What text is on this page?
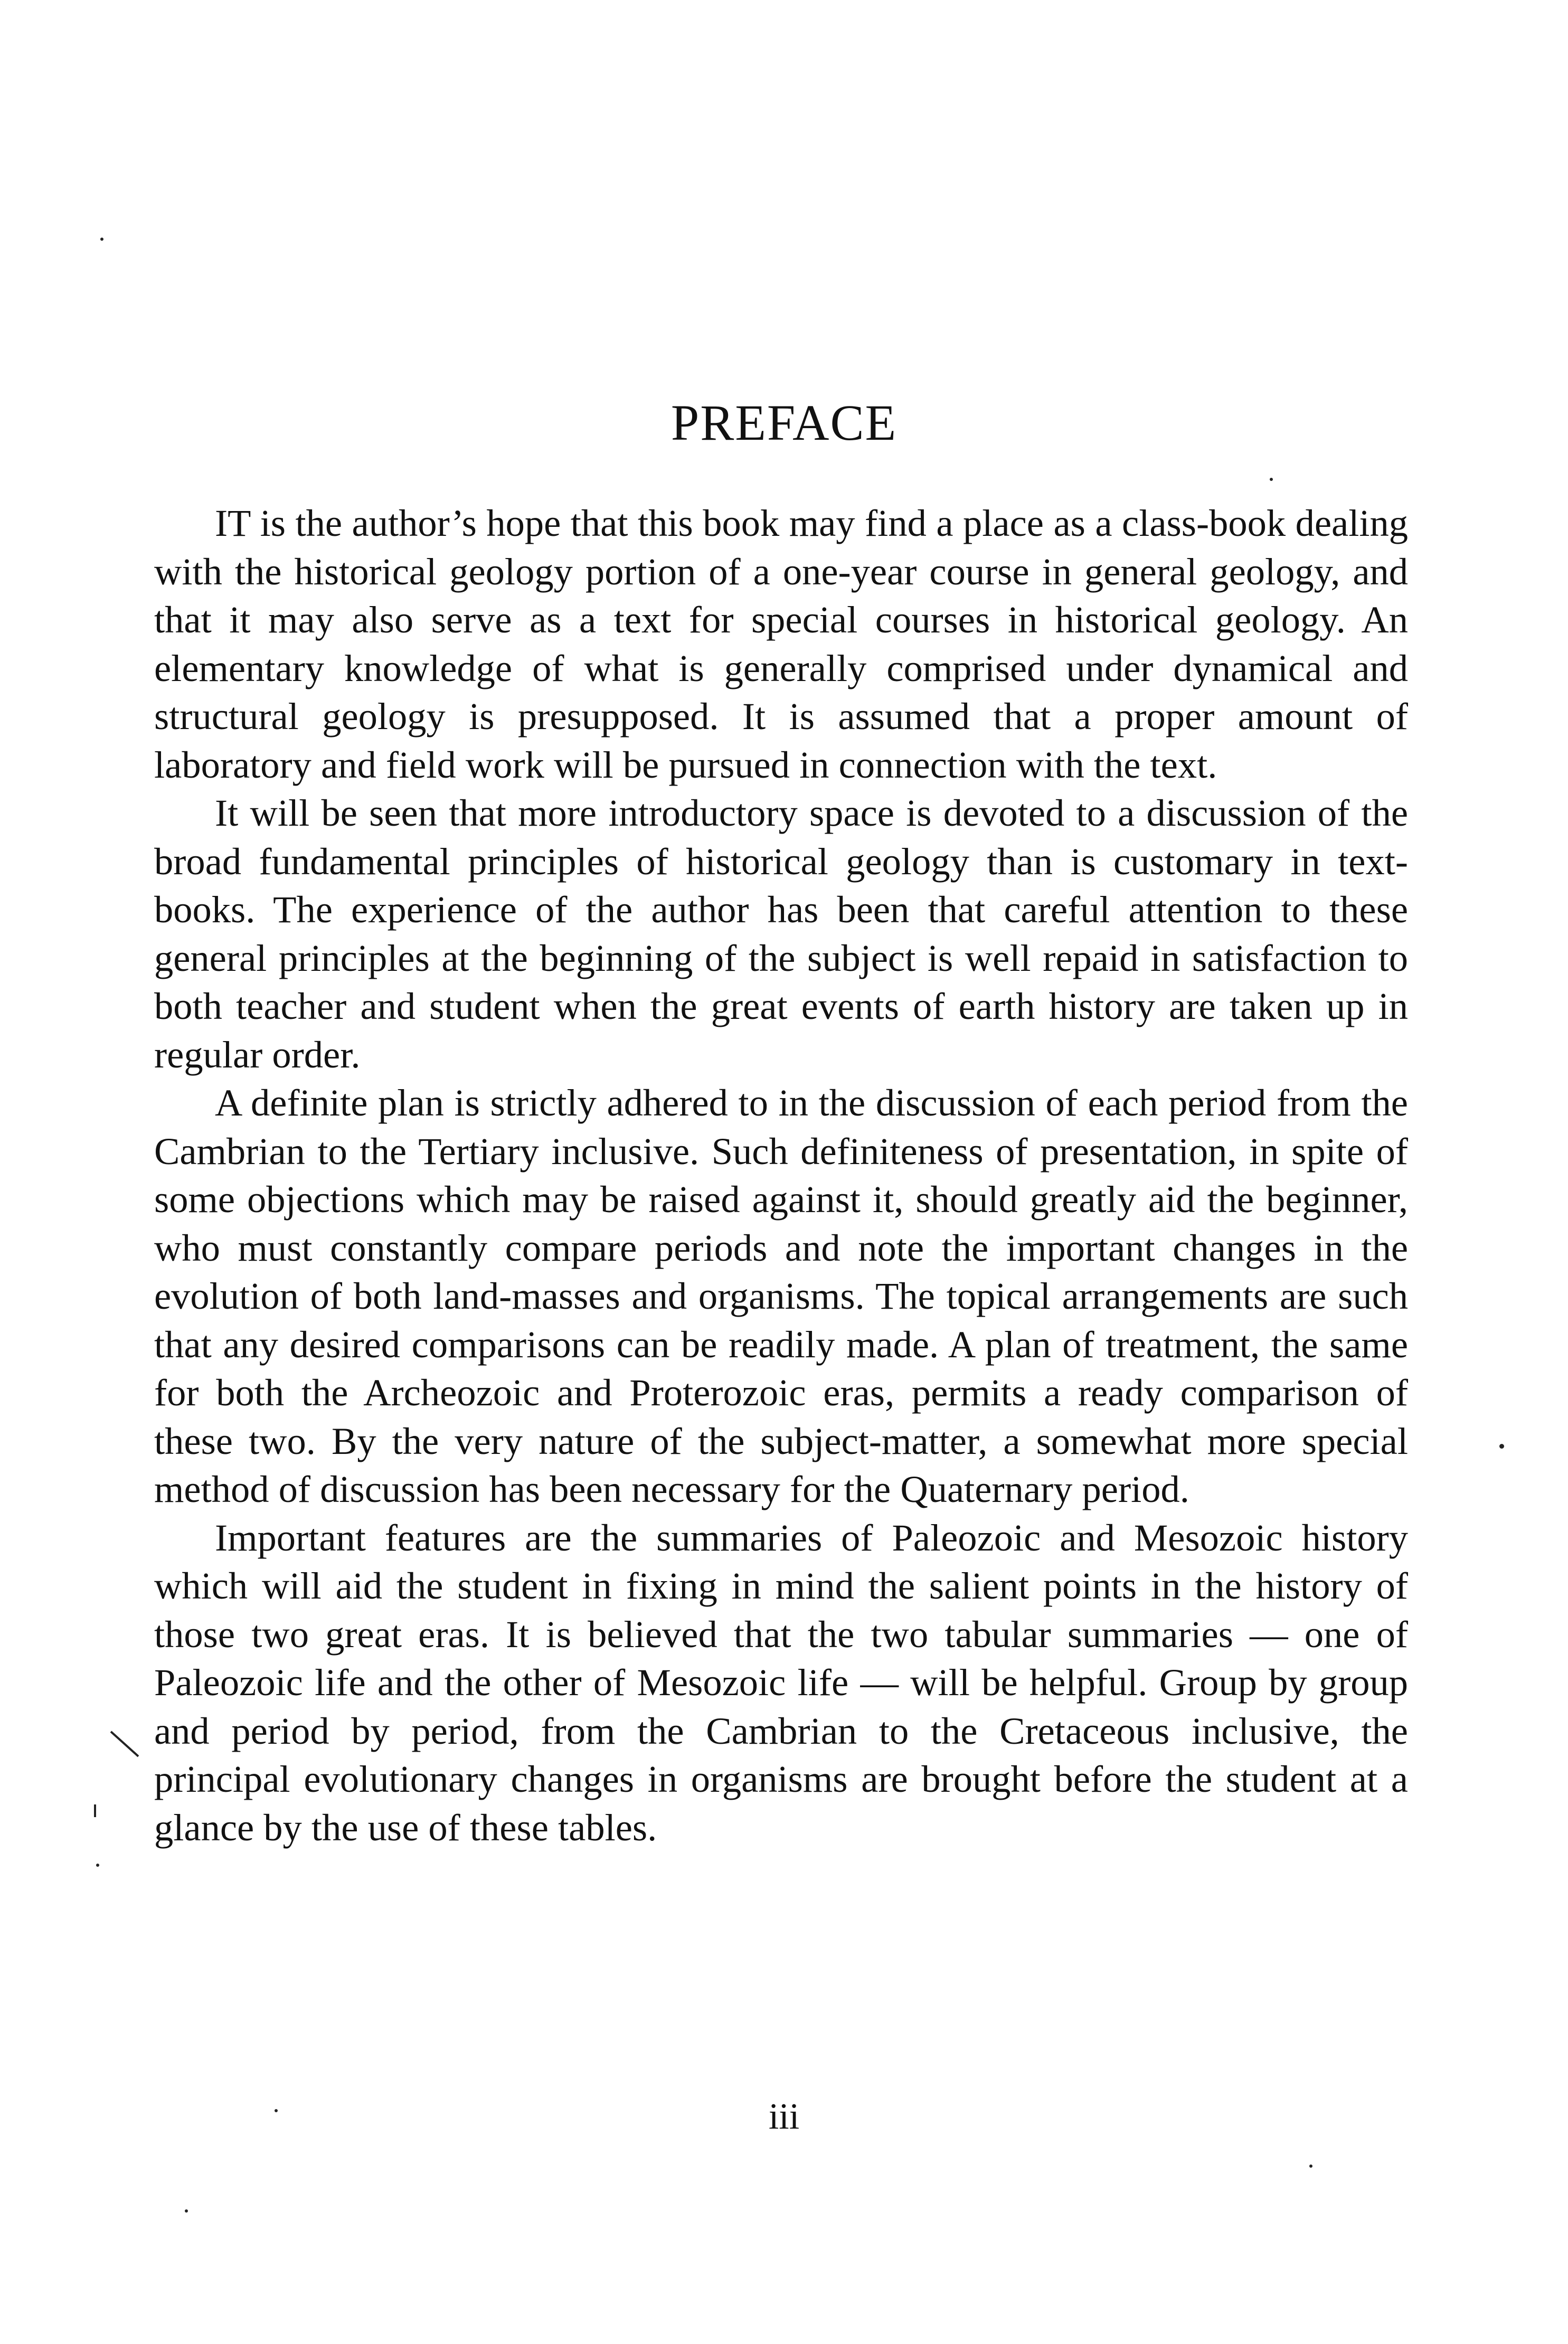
PREFACE

IT is the author’s hope that this book may find a place as a class-book dealing with the historical geology portion of a one-year course in general geology, and that it may also serve as a text for special courses in historical geology. An elementary knowledge of what is generally comprised under dynamical and structural geology is presupposed. It is assumed that a proper amount of laboratory and field work will be pursued in connection with the text.

It will be seen that more introductory space is devoted to a discussion of the broad fundamental principles of historical geology than is customary in text-books. The experience of the author has been that careful attention to these general principles at the beginning of the subject is well repaid in satisfaction to both teacher and student when the great events of earth history are taken up in regular order.

A definite plan is strictly adhered to in the discussion of each period from the Cambrian to the Tertiary inclusive. Such definiteness of presentation, in spite of some objections which may be raised against it, should greatly aid the beginner, who must constantly compare periods and note the important changes in the evolution of both land-masses and organisms. The topical arrangements are such that any desired comparisons can be readily made. A plan of treatment, the same for both the Archeozoic and Proterozoic eras, permits a ready comparison of these two. By the very nature of the subject-matter, a somewhat more special method of discussion has been necessary for the Quaternary period.

Important features are the summaries of Paleozoic and Mesozoic history which will aid the student in fixing in mind the salient points in the history of those two great eras. It is believed that the two tabular summaries — one of Paleozoic life and the other of Mesozoic life — will be helpful. Group by group and period by period, from the Cambrian to the Cretaceous inclusive, the principal evolutionary changes in organisms are brought before the student at a glance by the use of these tables.

iii
